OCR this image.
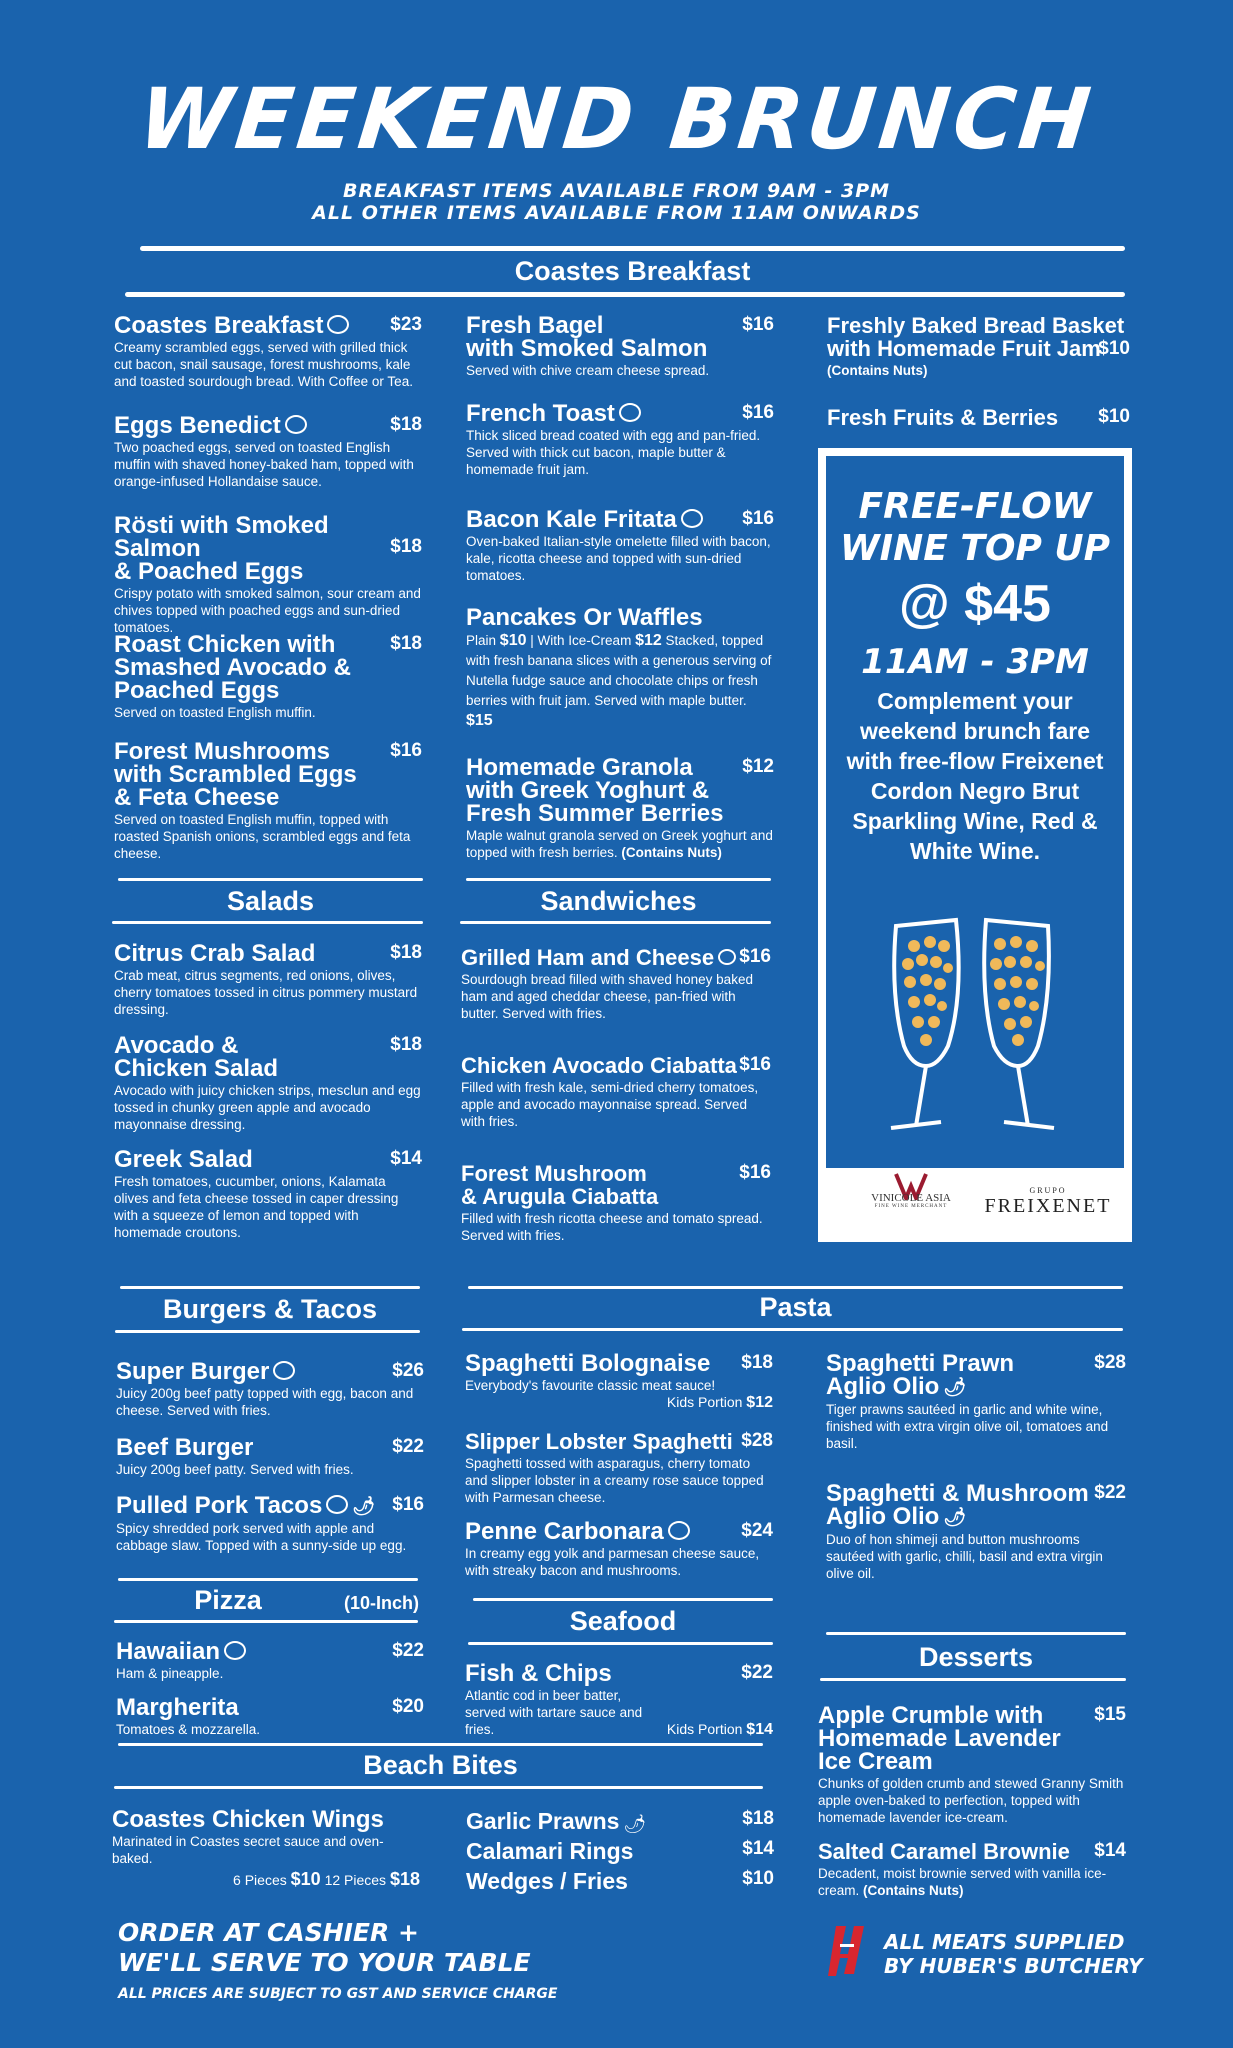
WEEKEND BRUNCH
BREAKFAST ITEMS AVAILABLE FROM 9AM - 3PM
ALL OTHER ITEMS AVAILABLE FROM 11AM ONWARDS
Coastes Breakfast
Coastes Breakfast	$23
Creamy scrambled eggs, served with grilled thick cut bacon, snail sausage, forest mushrooms, kale and toasted sourdough bread. With Coffee or Tea.
Eggs Benedict	$18
Two poached eggs, served on toasted English muffin with shaved honey-baked ham, topped with orange-infused Hollandaise sauce.
Rösti with Smoked Salmon
& Poached Eggs
$18
Crispy potato with smoked salmon, sour cream and chives topped with poached eggs and sun-dried tomatoes.
Roast Chicken with
Smashed Avocado &
Poached Eggs
$18
Served on toasted English muffin.
Forest Mushrooms
with Scrambled Eggs
& Feta Cheese
$16
Served on toasted English muffin, topped with roasted Spanish onions, scrambled eggs and feta cheese.
Fresh Bagel
with Smoked Salmon
$16
Served with chive cream cheese spread.
French Toast	$16
Thick sliced bread coated with egg and pan-fried. Served with thick cut bacon, maple butter & homemade fruit jam.
Bacon Kale Fritata	$16
Oven-baked Italian-style omelette filled with bacon, kale, ricotta cheese and topped with sun-dried tomatoes.
Pancakes Or Waffles
Plain $10 | With Ice-Cream $12 Stacked, topped with fresh banana slices with a generous serving of Nutella fudge sauce and chocolate chips or fresh berries with fruit jam. Served with maple butter. $15
Homemade Granola
with Greek Yoghurt &
Fresh Summer Berries
$12
Maple walnut granola served on Greek yoghurt and topped with fresh berries. (Contains Nuts)
Freshly Baked Bread Basket
with Homemade Fruit Jam
$10
(Contains Nuts)
Fresh Fruits & Berries	$10
FREE-FLOW
WINE TOP UP
@ $45
11AM - 3PM
Complement your weekend brunch fare with free-flow Freixenet Cordon Negro Brut Sparkling Wine, Red & White Wine.
VINICOLE ASIA
FINE WINE MERCHANT
GRUPO
FREIXENET
Salads	Sandwiches
Citrus Crab Salad	$18
Crab meat, citrus segments, red onions, olives, cherry tomatoes tossed in citrus pommery mustard dressing.
Avocado &
Chicken Salad
$18
Avocado with juicy chicken strips, mesclun and egg tossed in chunky green apple and avocado mayonnaise dressing.
Greek Salad	$14
Fresh tomatoes, cucumber, onions, Kalamata olives and feta cheese tossed in caper dressing with a squeeze of lemon and topped with homemade croutons.
Grilled Ham and Cheese	$16
Sourdough bread filled with shaved honey baked ham and aged cheddar cheese, pan-fried with butter. Served with fries.
Chicken Avocado Ciabatta $16
Filled with fresh kale, semi-dried cherry tomatoes, apple and avocado mayonnaise spread. Served with fries.
Forest Mushroom
& Arugula Ciabatta
$16
Filled with fresh ricotta cheese and tomato spread. Served with fries.
Burgers & Tacos	Pasta
Super Burger	$26
Juicy 200g beef patty topped with egg, bacon and cheese. Served with fries.
Beef Burger	$22
Juicy 200g beef patty. Served with fries.
Pulled Pork Tacos 🌶 $16
Spicy shredded pork served with apple and cabbage slaw. Topped with a sunny-side up egg.
Pizza	(10-Inch)
Hawaiian	$22
Ham & pineapple.
Margherita	$20
Tomatoes & mozzarella.
Spaghetti Bolognaise	$18
Everybody's favourite classic meat sauce!
Kids Portion $12
Slipper Lobster Spaghetti $28
Spaghetti tossed with asparagus, cherry tomato and slipper lobster in a creamy rose sauce topped with Parmesan cheese.
Penne Carbonara	$24
In creamy egg yolk and parmesan cheese sauce, with streaky bacon and mushrooms.
Spaghetti Prawn
Aglio Olio 🌶
$28
Tiger prawns sautéed in garlic and white wine, finished with extra virgin olive oil, tomatoes and basil.
Spaghetti & Mushroom
Aglio Olio 🌶
$22
Duo of hon shimeji and button mushrooms sautéed with garlic, chilli, basil and extra virgin olive oil.
Seafood
Fish & Chips	$22
Atlantic cod in beer batter, served with tartare sauce and fries.	Kids Portion $14
Desserts
Apple Crumble with
Homemade Lavender
Ice Cream
$15
Chunks of golden crumb and stewed Granny Smith apple oven-baked to perfection, topped with homemade lavender ice-cream.
Salted Caramel Brownie	$14
Decadent, moist brownie served with vanilla ice-cream. (Contains Nuts)
Beach Bites
Coastes Chicken Wings
Marinated in Coastes secret sauce and oven-baked.
6 Pieces $10 12 Pieces $18
Garlic Prawns 🌶	$18
Calamari Rings	$14
Wedges / Fries	$10
ORDER AT CASHIER +
WE'LL SERVE TO YOUR TABLE
ALL PRICES ARE SUBJECT TO GST AND SERVICE CHARGE
ALL MEATS SUPPLIED
BY HUBER'S BUTCHERY
